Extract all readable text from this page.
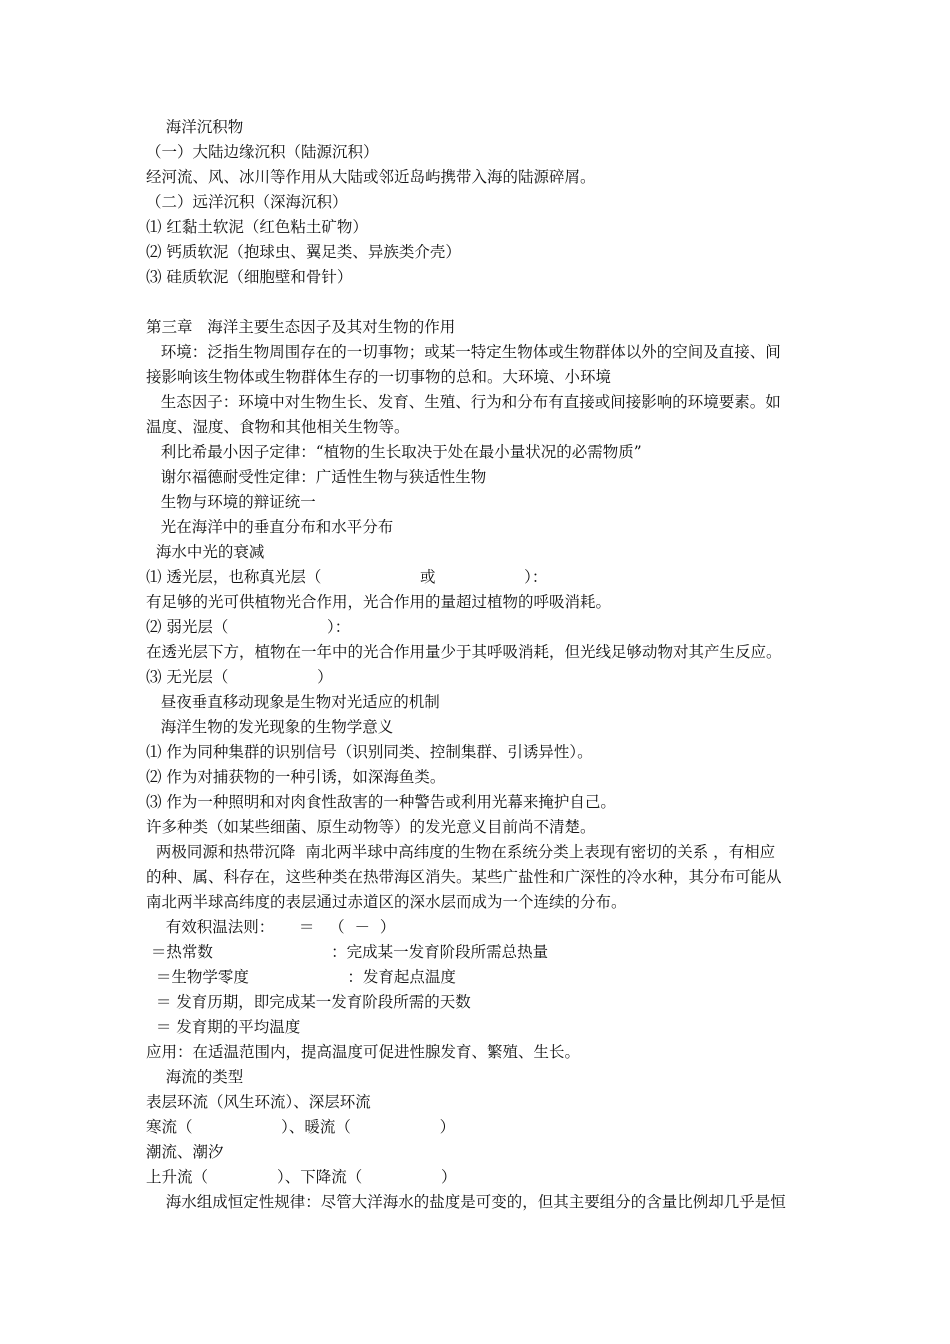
海洋沉积物
（一）大陆边缘沉积（陆源沉积）
经河流、风、冰川等作用从大陆或邻近岛屿携带入海的陆源碎屑。
（二）远洋沉积（深海沉积）
⑴ 红黏土软泥（红色粘土矿物）
⑵ 钙质软泥（抱球虫、翼足类、异族类介壳）
⑶ 硅质软泥（细胞壁和骨针）
第三章   海洋主要生态因子及其对生物的作用
环境：泛指生物周围存在的一切事物；或某一特定生物体或生物群体以外的空间及直接、间
接影响该生物体或生物群体生存的一切事物的总和。大环境、小环境
生态因子：环境中对生物生长、发育、生殖、行为和分布有直接或间接影响的环境要素。如
温度、湿度、食物和其他相关生物等。
利比希最小因子定律：“植物的生长取决于处在最小量状况的必需物质”
谢尔福德耐受性定律：广适性生物与狭适性生物
生物与环境的辩证统一
光在海洋中的垂直分布和水平分布
海水中光的衰减
⑴ 透光层，也称真光层（                    或                  ）：
有足够的光可供植物光合作用，光合作用的量超过植物的呼吸消耗。
⑵ 弱光层（                    ）：
在透光层下方，植物在一年中的光合作用量少于其呼吸消耗，但光线足够动物对其产生反应。
⑶ 无光层（                  ）
昼夜垂直移动现象是生物对光适应的机制
海洋生物的发光现象的生物学意义
⑴ 作为同种集群的识别信号（识别同类、控制集群、引诱异性）。
⑵ 作为对捕获物的一种引诱，如深海鱼类。
⑶ 作为一种照明和对肉食性敌害的一种警告或利用光幕来掩护自己。
许多种类（如某些细菌、原生动物等）的发光意义目前尚不清楚。
两极同源和热带沉降  南北两半球中高纬度的生物在系统分类上表现有密切的关系 ，有相应
的种、属、科存在，这些种类在热带海区消失。某些广盐性和广深性的冷水种，其分布可能从
南北两半球高纬度的表层通过赤道区的深水层而成为一个连续的分布。
有效积温法则：     ＝   （  －  ）
＝热常数                        ：完成某一发育阶段所需总热量
＝生物学零度                    ：发育起点温度
＝ 发育历期，即完成某一发育阶段所需的天数
＝ 发育期的平均温度
应用：在适温范围内，提高温度可促进性腺发育、繁殖、生长。
海流的类型
表层环流（风生环流）、深层环流
寒流（                  ）、暖流（                  ）
潮流、潮汐
上升流（              ）、下降流（                ）
海水组成恒定性规律：尽管大洋海水的盐度是可变的，但其主要组分的含量比例却几乎是恒
